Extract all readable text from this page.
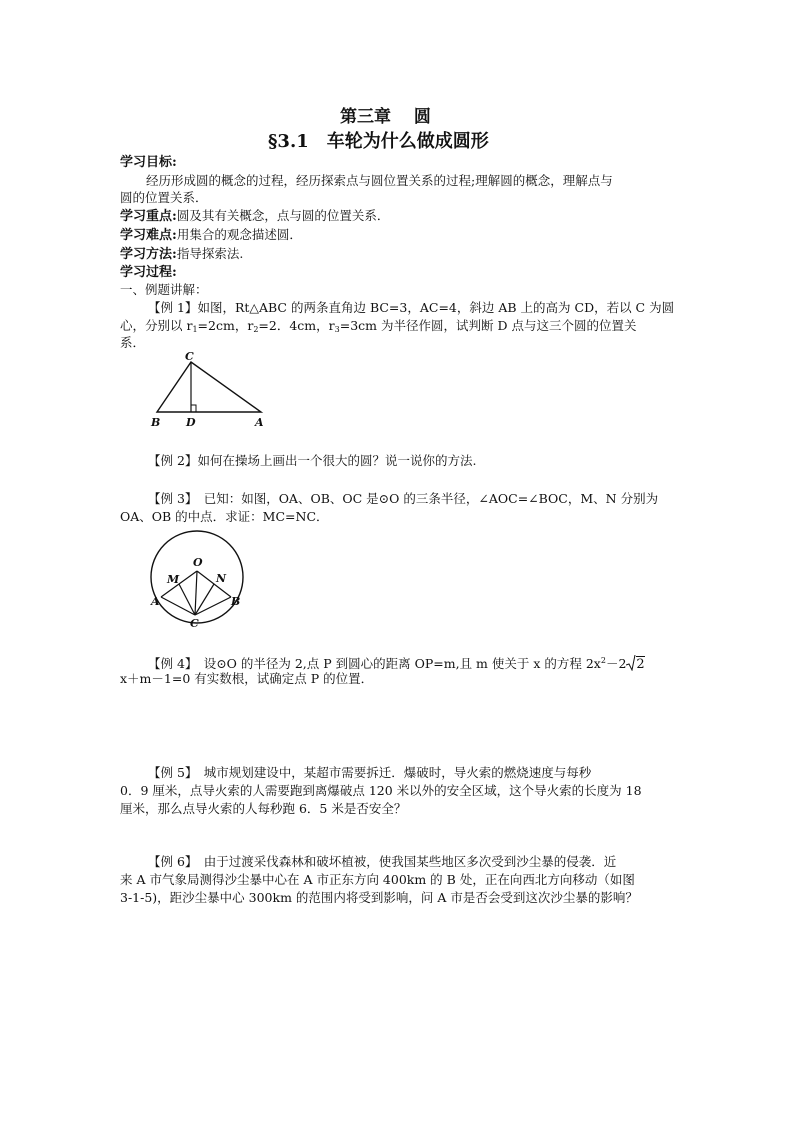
第三章　 圆
§3.1　车轮为什么做成圆形
学习目标:
经历形成圆的概念的过程，经历探索点与圆位置关系的过程;理解圆的概念，理解点与
圆的位置关系．
学习重点:圆及其有关概念，点与圆的位置关系．
学习难点:用集合的观念描述圆．
学习方法:指导探索法.
学习过程:
一、例题讲解：
【例 1】如图，Rt△ABC 的两条直角边 BC=3，AC=4，斜边 AB 上的高为 CD，若以 C 为圆
心，分别以 $r_1=2cm$，$r_2=2$．4cm，$r_3=3cm$ 为半径作圆，试判断 D 点与这三个圆的位置关
系．
C
B D	A
【例 2】如何在操场上画出一个很大的圆？说一说你的方法.
【例 3】　已知：如图，OA、OB、OC 是⊙O 的三条半径，∠AOC=∠BOC，M、N 分别为
OA、OB 的中点．求证：MC=NC．
O
M	N
A	B
C
【例 4】　设⊙O 的半径为 2,点 P 到圆心的距离 OP=m,且 m 使关于 x 的方程 $2x^2-2$ 2
x＋m－1=0 有实数根，试确定点 P 的位置．
【例 5】　城市规划建设中，某超市需要拆迁．爆破时，导火索的燃烧速度与每秒
0．9 厘米，点导火索的人需要跑到离爆破点 120 米以外的安全区域，这个导火索的长度为 18
厘米，那么点导火索的人每秒跑 6．5 米是否安全？
【例 6】　由于过渡采伐森林和破坏植被，使我国某些地区多次受到沙尘暴的侵袭．近
来 A 市气象局测得沙尘暴中心在 A 市正东方向 400km 的 B 处，正在向西北方向移动（如图
3-1-5)，距沙尘暴中心 300km 的范围内将受到影响，问 A 市是否会受到这次沙尘暴的影响？
